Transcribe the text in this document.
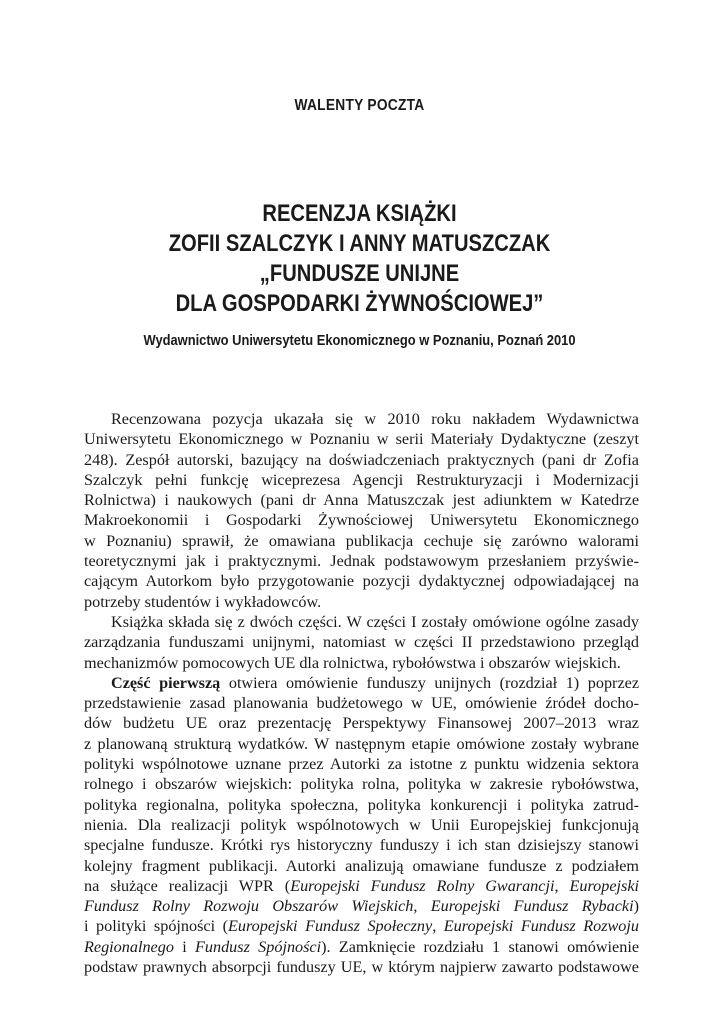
WALENTY POCZTA
RECENZJA KSIĄŻKI
ZOFII SZALCZYK I ANNY MATUSZCZAK
„FUNDUSZE UNIJNE
DLA GOSPODARKI ŻYWNOŚCIOWEJ”
Wydawnictwo Uniwersytetu Ekonomicznego w Poznaniu, Poznań 2010
Recenzowana pozycja ukazała się w 2010 roku nakładem Wydawnictwa
Uniwersytetu Ekonomicznego w Poznaniu w serii Materiały Dydaktyczne (zeszyt
248). Zespół autorski, bazujący na doświadczeniach praktycznych (pani dr Zofia
Szalczyk pełni funkcję wiceprezesa Agencji Restrukturyzacji i Modernizacji
Rolnictwa) i naukowych (pani dr Anna Matuszczak jest adiunktem w Katedrze
Makroekonomii i Gospodarki Żywnościowej Uniwersytetu Ekonomicznego
w Poznaniu) sprawił, że omawiana publikacja cechuje się zarówno walorami
teoretycznymi jak i praktycznymi. Jednak podstawowym przesłaniem przyświe-
cającym Autorkom było przygotowanie pozycji dydaktycznej odpowiadającej na
potrzeby studentów i wykładowców.
Książka składa się z dwóch części. W części I zostały omówione ogólne zasady
zarządzania funduszami unijnymi, natomiast w części II przedstawiono przegląd
mechanizmów pomocowych UE dla rolnictwa, rybołówstwa i obszarów wiejskich.
Część pierwszą otwiera omówienie funduszy unijnych (rozdział 1) poprzez
przedstawienie zasad planowania budżetowego w UE, omówienie źródeł docho-
dów budżetu UE oraz prezentację Perspektywy Finansowej 2007–2013 wraz
z planowaną strukturą wydatków. W następnym etapie omówione zostały wybrane
polityki wspólnotowe uznane przez Autorki za istotne z punktu widzenia sektora
rolnego i obszarów wiejskich: polityka rolna, polityka w zakresie rybołówstwa,
polityka regionalna, polityka społeczna, polityka konkurencji i polityka zatrud-
nienia. Dla realizacji polityk wspólnotowych w Unii Europejskiej funkcjonują
specjalne fundusze. Krótki rys historyczny funduszy i ich stan dzisiejszy stanowi
kolejny fragment publikacji. Autorki analizują omawiane fundusze z podziałem
na służące realizacji WPR (Europejski Fundusz Rolny Gwarancji, Europejski
Fundusz Rolny Rozwoju Obszarów Wiejskich, Europejski Fundusz Rybacki)
i polityki spójności (Europejski Fundusz Społeczny, Europejski Fundusz Rozwoju
Regionalnego i Fundusz Spójności). Zamknięcie rozdziału 1 stanowi omówienie
podstaw prawnych absorpcji funduszy UE, w którym najpierw zawarto podstawowe
